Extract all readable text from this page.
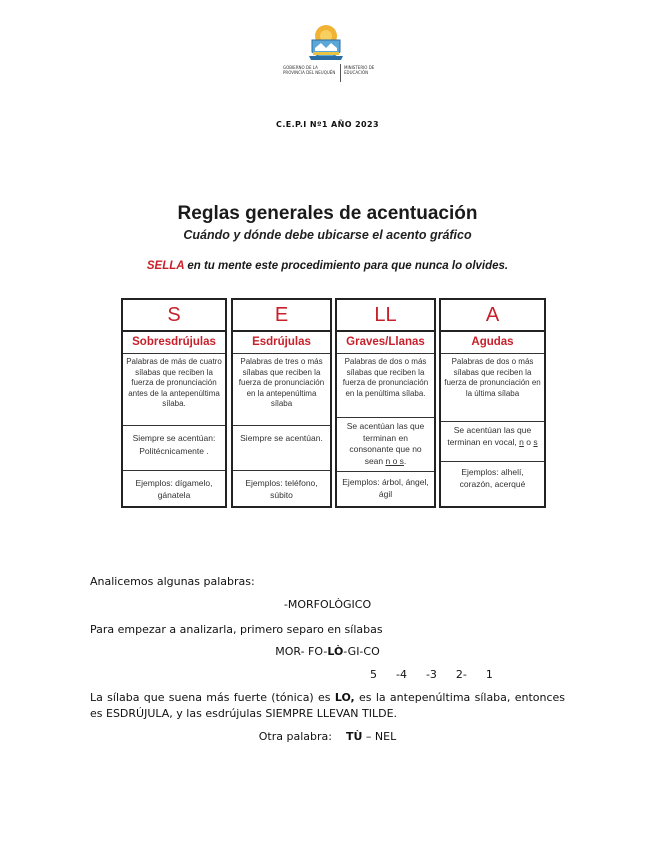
GOBIERNO DE LA PROVINCIA DEL NEUQUÉN
MINISTERIO DE EDUCACIÓN
C.E.P.I Nº1 AÑO 2023
Reglas generales de acentuación
Cuándo y dónde debe ubicarse el acento gráfico
SELLA en tu mente este procedimiento para que nunca lo olvides.
S
Sobresdrújulas
Palabras de más de cuatro sílabas que reciben la fuerza de pronunciación antes de la antepenúltima sílaba.
Siempre se acentúan: Politécnicamente .
Ejemplos: dígamelo, gánatela
E
Esdrújulas
Palabras de tres o más sílabas que reciben la fuerza de pronunciación en la antepenúltima sílaba
Siempre se acentúan.
Ejemplos: teléfono, súbito
LL
Graves/Llanas
Palabras de dos o más sílabas que reciben la fuerza de pronunciación en la penúltima sílaba.
Se acentúan las que terminan en consonante que no sean n o s.
Ejemplos: árbol, ángel, ágil
A
Agudas
Palabras de dos o más sílabas que reciben la fuerza de pronunciación en la última sílaba
Se acentúan las que terminan en vocal, n o s
Ejemplos: alhelí, corazón, acerqué
Analicemos algunas palabras:
-MORFOLÒGICO
Para empezar a analizarla, primero separo en sílabas
MOR- FO-LÒ-GI-CO
5  -4  -3  2-  1
La sílaba que suena más fuerte (tónica) es LO, es la antepenúltima sílaba, entonces es ESDRÚJULA, y las esdrújulas SIEMPRE LLEVAN TILDE.
Otra palabra: TÙ – NEL
